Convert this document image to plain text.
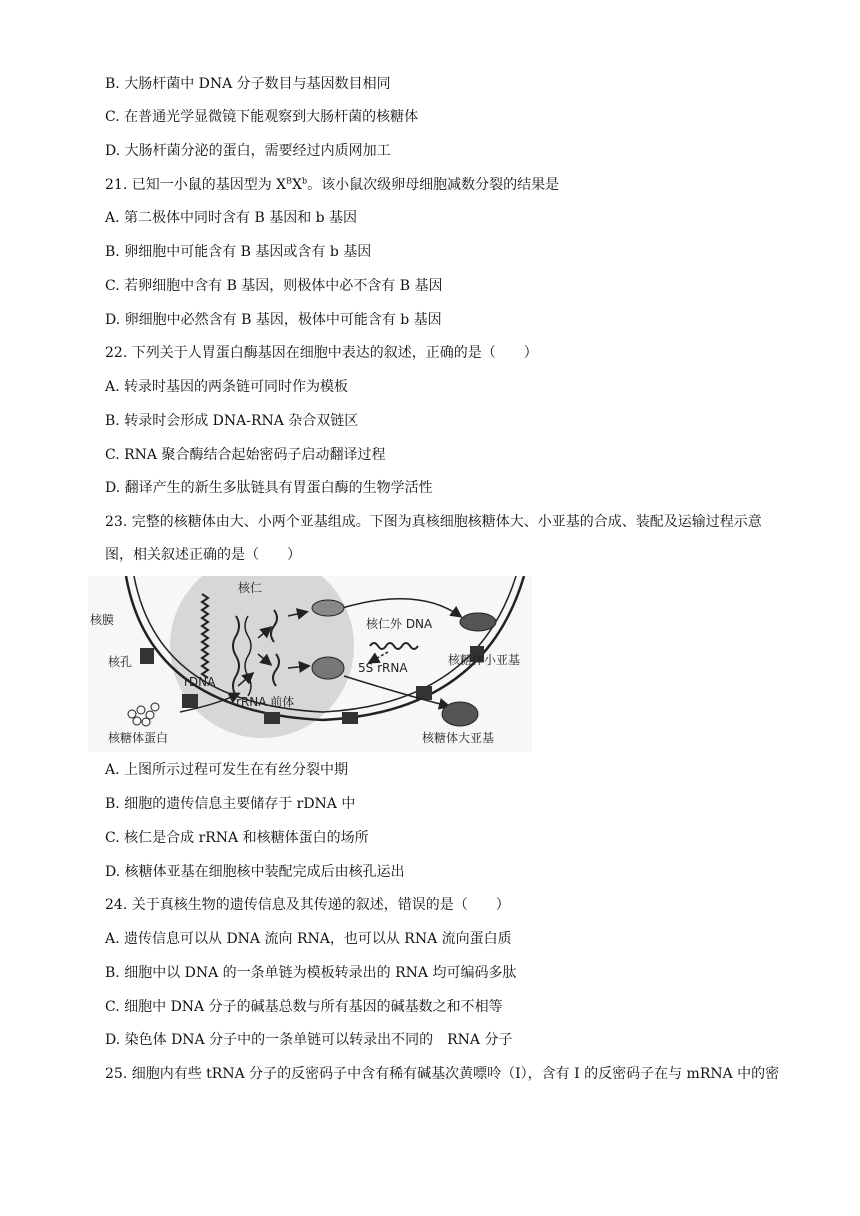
B. 大肠杆菌中 DNA 分子数目与基因数目相同
C. 在普通光学显微镜下能观察到大肠杆菌的核糖体
D. 大肠杆菌分泌的蛋白，需要经过内质网加工
21. 已知一小鼠的基因型为 $X^BX^b$。该小鼠次级卵母细胞减数分裂的结果是
A. 第二极体中同时含有 B 基因和 b 基因
B. 卵细胞中可能含有 B 基因或含有 b 基因
C. 若卵细胞中含有 B 基因，则极体中必不含有 B 基因
D. 卵细胞中必然含有 B 基因，极体中可能含有 b 基因
22. 下列关于人胃蛋白酶基因在细胞中表达的叙述，正确的是（　　）
A. 转录时基因的两条链可同时作为模板
B. 转录时会形成 DNA-RNA 杂合双链区
C. RNA 聚合酶结合起始密码子启动翻译过程
D. 翻译产生的新生多肽链具有胃蛋白酶的生物学活性
23. 完整的核糖体由大、小两个亚基组成。下图为真核细胞核糖体大、小亚基的合成、装配及运输过程示意
图，相关叙述正确的是（　　）
核仁
核膜
核孔
rDNA
rRNA 前体
核仁外 DNA
5S rRNA
核糖体小亚基
核糖体大亚基
核糖体蛋白
A. 上图所示过程可发生在有丝分裂中期
B. 细胞的遗传信息主要储存于 rDNA 中
C. 核仁是合成 rRNA 和核糖体蛋白的场所
D. 核糖体亚基在细胞核中装配完成后由核孔运出
24. 关于真核生物的遗传信息及其传递的叙述，错误的是（　　）
A. 遗传信息可以从 DNA 流向 RNA，也可以从 RNA 流向蛋白质
B. 细胞中以 DNA 的一条单链为模板转录出的 RNA 均可编码多肽
C. 细胞中 DNA 分子的碱基总数与所有基因的碱基数之和不相等
D. 染色体 DNA 分子中的一条单链可以转录出不同的　RNA 分子
25. 细胞内有些 tRNA 分子的反密码子中含有稀有碱基次黄嘌呤（I），含有 I 的反密码子在与 mRNA 中的密
